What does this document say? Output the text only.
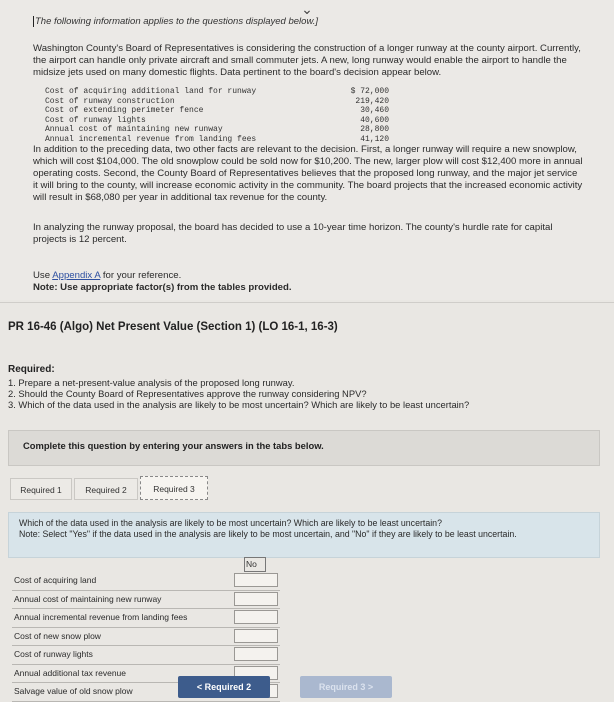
⌄
The following information applies to the questions displayed below.]
Washington County's Board of Representatives is considering the construction of a longer runway at the county airport. Currently, the airport can handle only private aircraft and small commuter jets. A new, long runway would enable the airport to handle the midsize jets used on many domestic flights. Data pertinent to the board's decision appear below.
Cost of acquiring additional land for runway	$ 72,000
Cost of runway construction	219,420
Cost of extending perimeter fence	30,460
Cost of runway lights	40,600
Annual cost of maintaining new runway	28,800
Annual incremental revenue from landing fees	41,120
In addition to the preceding data, two other facts are relevant to the decision. First, a longer runway will require a new snowplow, which will cost $104,000. The old snowplow could be sold now for $10,200. The new, larger plow will cost $12,400 more in annual operating costs. Second, the County Board of Representatives believes that the proposed long runway, and the major jet service it will bring to the county, will increase economic activity in the community. The board projects that the increased economic activity will result in $68,080 per year in additional tax revenue for the county.
In analyzing the runway proposal, the board has decided to use a 10-year time horizon. The county's hurdle rate for capital projects is 12 percent.
Use Appendix A for your reference.
Note: Use appropriate factor(s) from the tables provided.
PR 16-46 (Algo) Net Present Value (Section 1) (LO 16-1, 16-3)
Required:
1. Prepare a net-present-value analysis of the proposed long runway.
2. Should the County Board of Representatives approve the runway considering NPV?
3. Which of the data used in the analysis are likely to be most uncertain? Which are likely to be least uncertain?
Complete this question by entering your answers in the tabs below.
Required 1	Required 2	Required 3
Which of the data used in the analysis are likely to be most uncertain? Which are likely to be least uncertain?
Note: Select "Yes" if the data used in the analysis are likely to be most uncertain, and "No" if they are likely to be least uncertain.
No
Cost of acquiring land
Annual cost of maintaining new runway
Annual incremental revenue from landing fees
Cost of new snow plow
Cost of runway lights
Annual additional tax revenue
Salvage value of old snow plow	< Required 2	Required 3 >
